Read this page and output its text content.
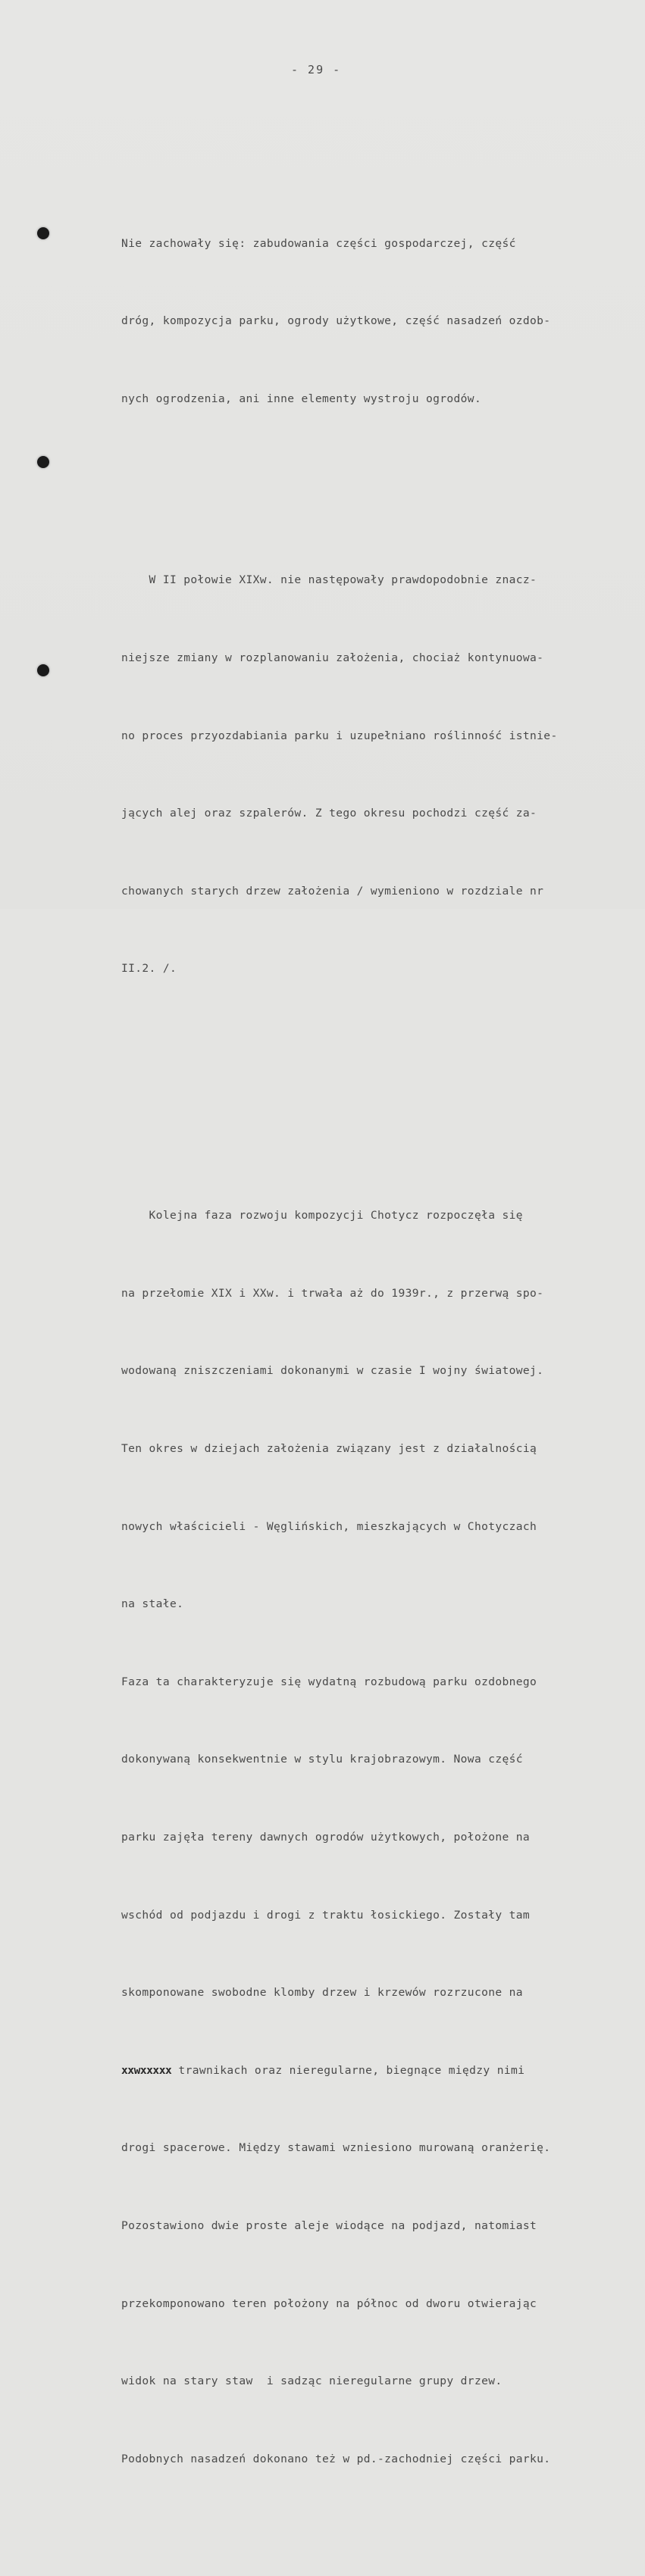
- 29 -

Nie zachowały się: zabudowania części gospodarczej, część

dróg, kompozycja parku, ogrody użytkowe, część nasadzeń ozdob-

nych ogrodzenia, ani inne elementy wystroju ogrodów.

W II połowie XIXw. nie następowały prawdopodobnie znacz-

niejsze zmiany w rozplanowaniu założenia, chociaż kontynuowa-

no proces przyozdabiania parku i uzupełniano roślinność istnie-

jących alej oraz szpalerów. Z tego okresu pochodzi część za-

chowanych starych drzew założenia / wymieniono w rozdziale nr

II.2. /.

Kolejna faza rozwoju kompozycji Chotycz rozpoczęła się

na przełomie XIX i XXw. i trwała aż do 1939r., z przerwą spo-

wodowaną zniszczeniami dokonanymi w czasie I wojny światowej.

Ten okres w dziejach założenia związany jest z działalnością

nowych właścicieli - Węglińskich, mieszkających w Chotyczach

na stałe.

Faza ta charakteryzuje się wydatną rozbudową parku ozdobnego

dokonywaną konsekwentnie w stylu krajobrazowym. Nowa część

parku zajęła tereny dawnych ogrodów użytkowych, położone na

wschód od podjazdu i drogi z traktu łosickiego. Zostały tam

skomponowane swobodne klomby drzew i krzewów rozrzucone na

xxwxxxxx trawnikach oraz nieregularne, biegnące między nimi

drogi spacerowe. Między stawami wzniesiono murowaną oranżerię.

Pozostawiono dwie proste aleje wiodące na podjazd, natomiast

przekomponowano teren położony na północ od dworu otwierając

widok na stary staw  i sadząc nieregularne grupy drzew.

Podobnych nasadzeń dokonano też w pd.-zachodniej części parku.
